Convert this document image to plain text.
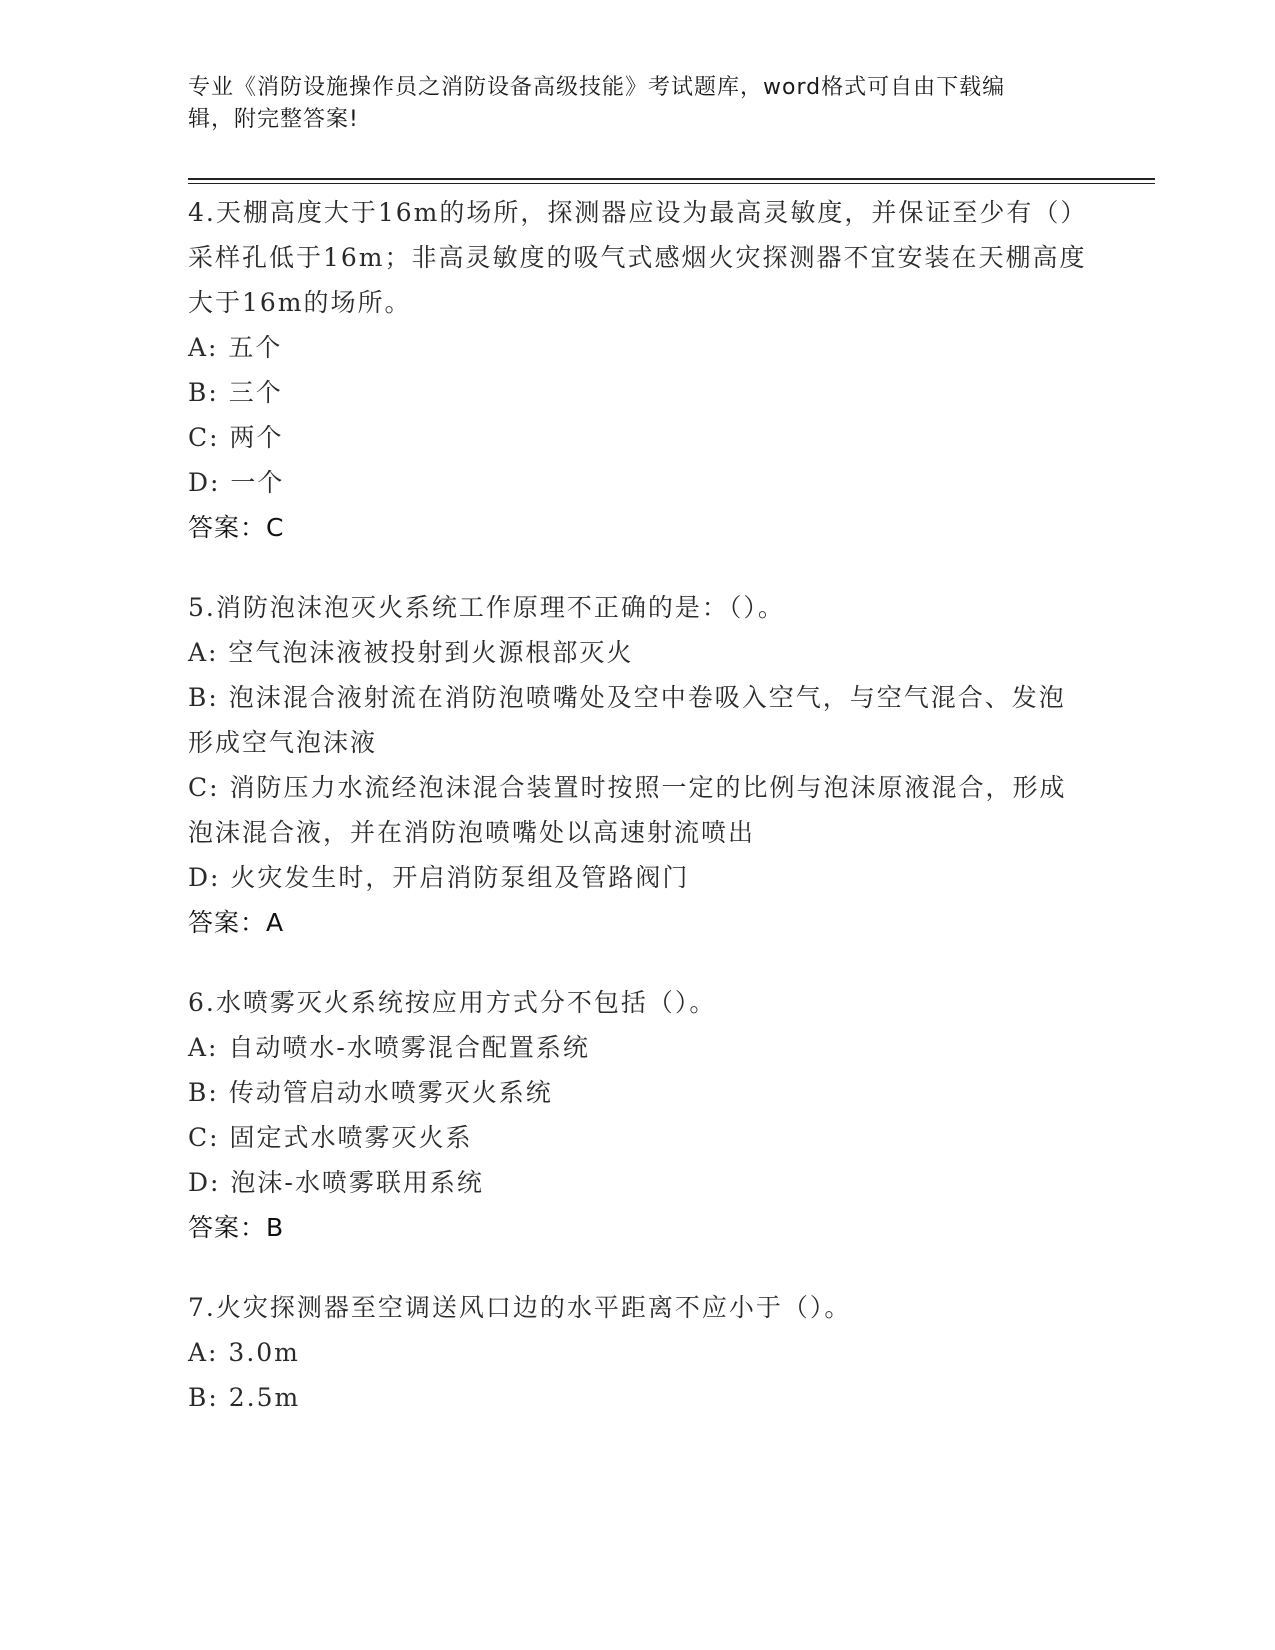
专业《消防设施操作员之消防设备高级技能》考试题库，word格式可自由下载编
辑，附完整答案!

4.天棚高度大于16m的场所，探测器应设为最高灵敏度，并保证至少有（）采样孔低于16m；非高灵敏度的吸气式感烟火灾探测器不宜安装在天棚高度大于16m的场所。

A: 五个

B: 三个

C: 两个

D: 一个

答案：C

5.消防泡沫泡灭火系统工作原理不正确的是：（）。

A: 空气泡沫液被投射到火源根部灭火

B: 泡沫混合液射流在消防泡喷嘴处及空中卷吸入空气，与空气混合、发泡形成空气泡沫液

C: 消防压力水流经泡沫混合装置时按照一定的比例与泡沫原液混合，形成泡沫混合液，并在消防泡喷嘴处以高速射流喷出

D: 火灾发生时，开启消防泵组及管路阀门

答案：A

6.水喷雾灭火系统按应用方式分不包括（）。

A: 自动喷水-水喷雾混合配置系统

B: 传动管启动水喷雾灭火系统

C: 固定式水喷雾灭火系

D: 泡沫-水喷雾联用系统

答案：B

7.火灾探测器至空调送风口边的水平距离不应小于（）。

A: 3.0m

B: 2.5m
